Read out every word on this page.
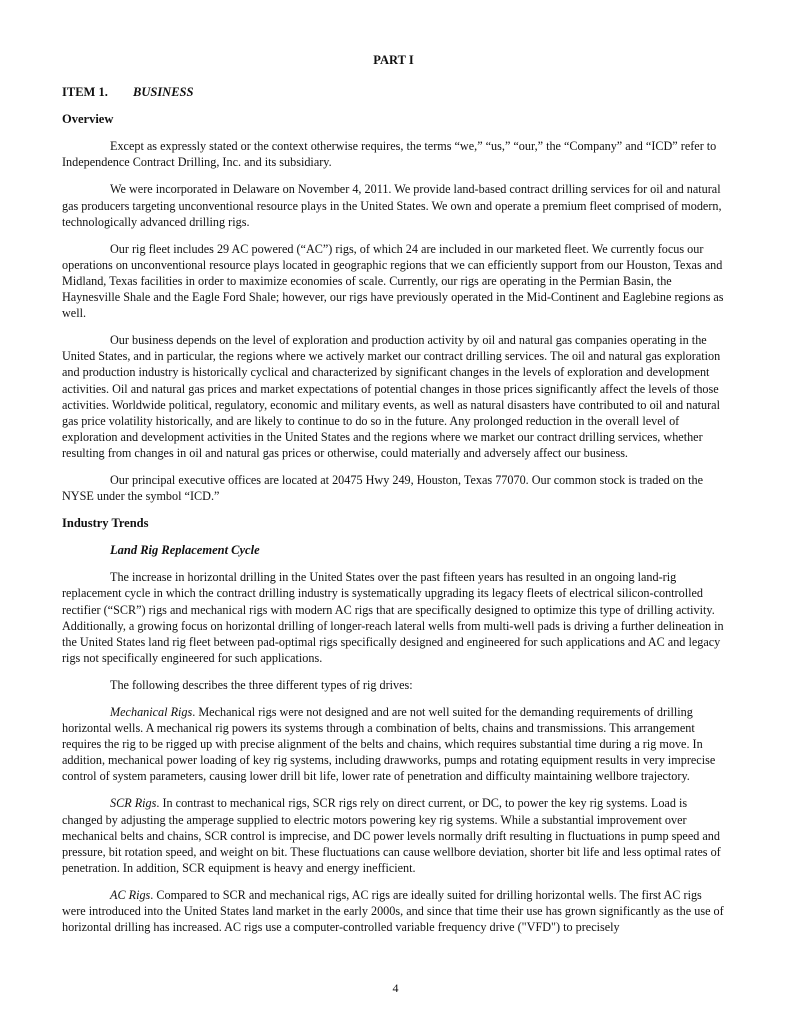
PART I
ITEM 1. BUSINESS
Overview

Except as expressly stated or the context otherwise requires, the terms “we,” “us,” “our,” the “Company” and “ICD” refer to Independence Contract Drilling, Inc. and its subsidiary.

We were incorporated in Delaware on November 4, 2011. We provide land-based contract drilling services for oil and natural gas producers targeting unconventional resource plays in the United States. We own and operate a premium fleet comprised of modern, technologically advanced drilling rigs.

Our rig fleet includes 29 AC powered (“AC”) rigs, of which 24 are included in our marketed fleet. We currently focus our operations on unconventional resource plays located in geographic regions that we can efficiently support from our Houston, Texas and Midland, Texas facilities in order to maximize economies of scale. Currently, our rigs are operating in the Permian Basin, the Haynesville Shale and the Eagle Ford Shale; however, our rigs have previously operated in the Mid-Continent and Eaglebine regions as well.

Our business depends on the level of exploration and production activity by oil and natural gas companies operating in the United States, and in particular, the regions where we actively market our contract drilling services. The oil and natural gas exploration and production industry is historically cyclical and characterized by significant changes in the levels of exploration and development activities. Oil and natural gas prices and market expectations of potential changes in those prices significantly affect the levels of those activities. Worldwide political, regulatory, economic and military events, as well as natural disasters have contributed to oil and natural gas price volatility historically, and are likely to continue to do so in the future. Any prolonged reduction in the overall level of exploration and development activities in the United States and the regions where we market our contract drilling services, whether resulting from changes in oil and natural gas prices or otherwise, could materially and adversely affect our business.

Our principal executive offices are located at 20475 Hwy 249, Houston, Texas 77070. Our common stock is traded on the NYSE under the symbol “ICD.”

Industry Trends
Land Rig Replacement Cycle

The increase in horizontal drilling in the United States over the past fifteen years has resulted in an ongoing land-rig replacement cycle in which the contract drilling industry is systematically upgrading its legacy fleets of electrical silicon-controlled rectifier (“SCR”) rigs and mechanical rigs with modern AC rigs that are specifically designed to optimize this type of drilling activity. Additionally, a growing focus on horizontal drilling of longer-reach lateral wells from multi-well pads is driving a further delineation in the United States land rig fleet between pad-optimal rigs specifically designed and engineered for such applications and AC and legacy rigs not specifically engineered for such applications.

The following describes the three different types of rig drives:

Mechanical Rigs. Mechanical rigs were not designed and are not well suited for the demanding requirements of drilling horizontal wells. A mechanical rig powers its systems through a combination of belts, chains and transmissions. This arrangement requires the rig to be rigged up with precise alignment of the belts and chains, which requires substantial time during a rig move. In addition, mechanical power loading of key rig systems, including drawworks, pumps and rotating equipment results in very imprecise control of system parameters, causing lower drill bit life, lower rate of penetration and difficulty maintaining wellbore trajectory.

SCR Rigs. In contrast to mechanical rigs, SCR rigs rely on direct current, or DC, to power the key rig systems. Load is changed by adjusting the amperage supplied to electric motors powering key rig systems. While a substantial improvement over mechanical belts and chains, SCR control is imprecise, and DC power levels normally drift resulting in fluctuations in pump speed and pressure, bit rotation speed, and weight on bit. These fluctuations can cause wellbore deviation, shorter bit life and less optimal rates of penetration. In addition, SCR equipment is heavy and energy inefficient.

AC Rigs. Compared to SCR and mechanical rigs, AC rigs are ideally suited for drilling horizontal wells. The first AC rigs were introduced into the United States land market in the early 2000s, and since that time their use has grown significantly as the use of horizontal drilling has increased. AC rigs use a computer-controlled variable frequency drive ("VFD") to precisely

4
